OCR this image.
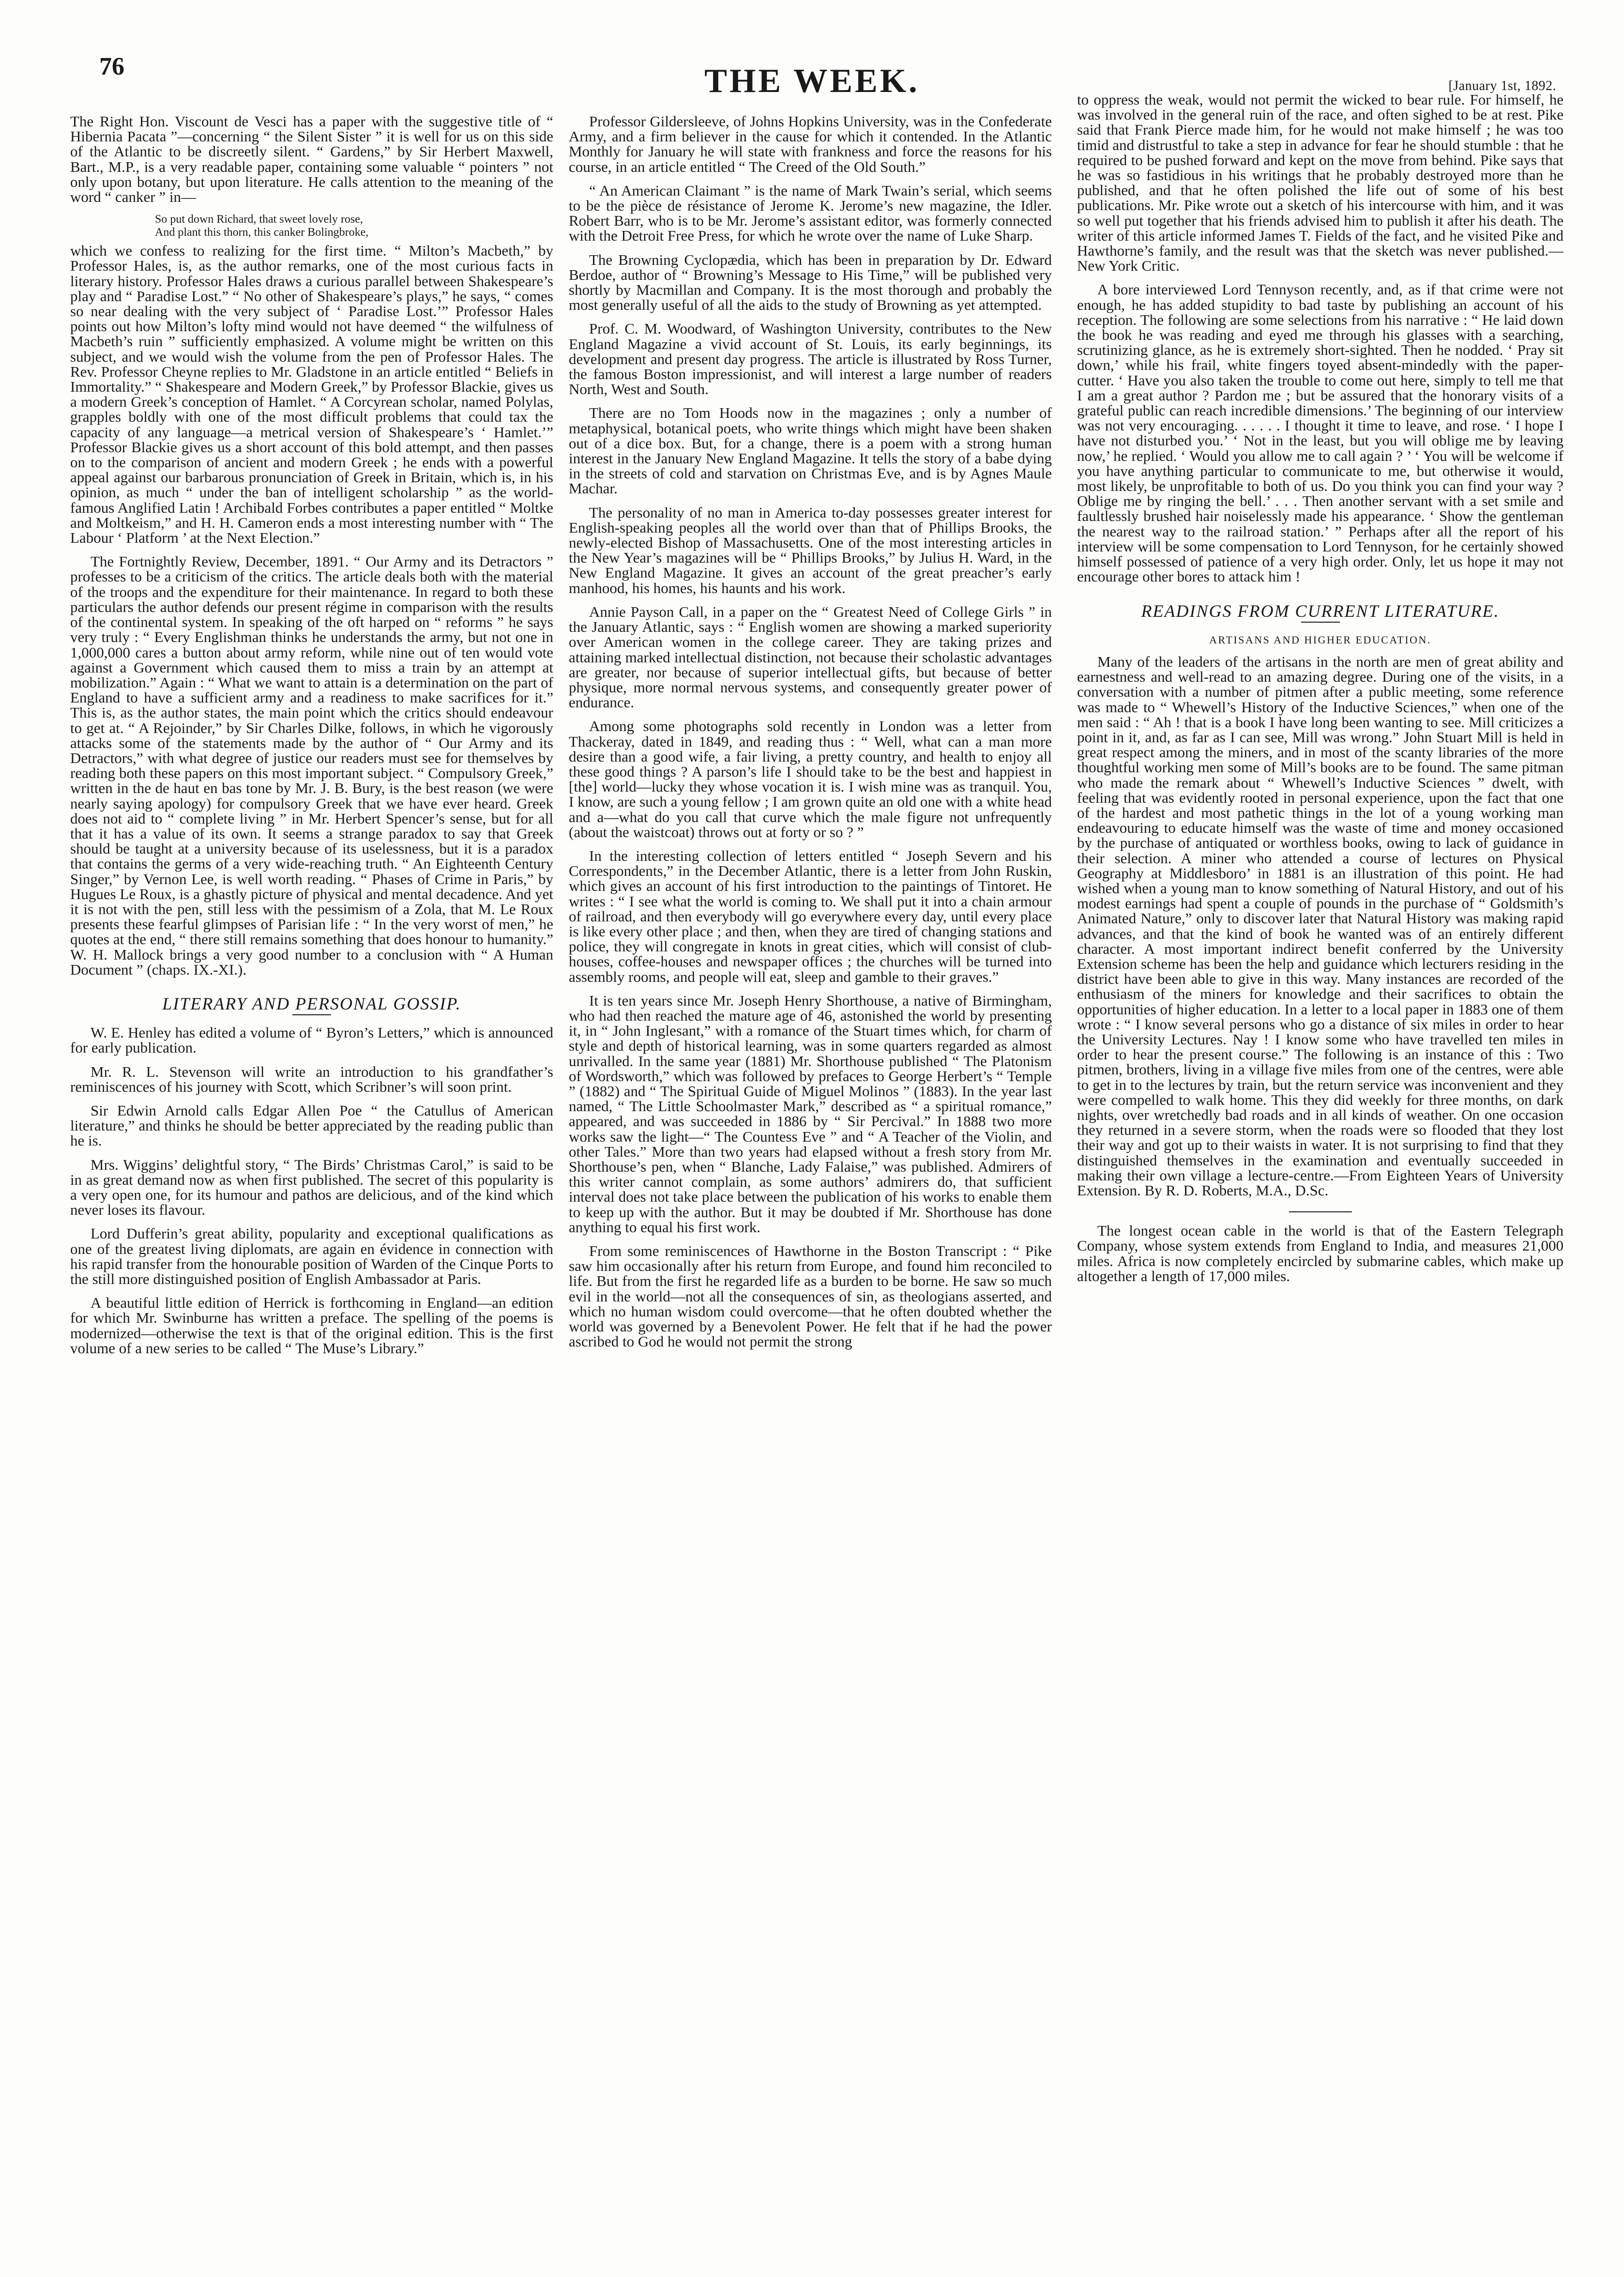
76	THE WEEK.	[January 1st, 1892.

The Right Hon. Viscount de Vesci has a paper with the suggestive title of “ Hibernia Pacata ”—concerning “ the Silent Sister ” it is well for us on this side of the Atlantic to be discreetly silent. “ Gardens,” by Sir Herbert Maxwell, Bart., M.P., is a very readable paper, containing some valuable “ pointers ” not only upon botany, but upon literature. He calls attention to the meaning of the word “ canker ” in—

So put down Richard, that sweet lovely rose,
And plant this thorn, this canker Bolingbroke,

which we confess to realizing for the first time. “ Milton’s Macbeth,” by Professor Hales, is, as the author remarks, one of the most curious facts in literary history. Professor Hales draws a curious parallel between Shakespeare’s play and “ Paradise Lost.” “ No other of Shakespeare’s plays,” he says, “ comes so near dealing with the very subject of ‘ Paradise Lost.’” Professor Hales points out how Milton’s lofty mind would not have deemed “ the wilfulness of Macbeth’s ruin ” sufficiently emphasized. A volume might be written on this subject, and we would wish the volume from the pen of Professor Hales. The Rev. Professor Cheyne replies to Mr. Gladstone in an article entitled “ Beliefs in Immortality.” “ Shakespeare and Modern Greek,” by Professor Blackie, gives us a modern Greek’s conception of Hamlet. “ A Corcyrean scholar, named Polylas, grapples boldly with one of the most difficult problems that could tax the capacity of any language—a metrical version of Shakespeare’s ‘ Hamlet.’” Professor Blackie gives us a short account of this bold attempt, and then passes on to the comparison of ancient and modern Greek ; he ends with a powerful appeal against our barbarous pronunciation of Greek in Britain, which is, in his opinion, as much “ under the ban of intelligent scholarship ” as the world-famous Anglified Latin ! Archibald Forbes contributes a paper entitled “ Moltke and Moltkeism,” and H. H. Cameron ends a most interesting number with “ The Labour ‘ Platform ’ at the Next Election.”

The Fortnightly Review, December, 1891. “ Our Army and its Detractors ” professes to be a criticism of the critics. The article deals both with the material of the troops and the expenditure for their maintenance. In regard to both these particulars the author defends our present régime in comparison with the results of the continental system. In speaking of the oft harped on “ reforms ” he says very truly : “ Every Englishman thinks he understands the army, but not one in 1,000,000 cares a button about army reform, while nine out of ten would vote against a Government which caused them to miss a train by an attempt at mobilization.” Again : “ What we want to attain is a determination on the part of England to have a sufficient army and a readiness to make sacrifices for it.” This is, as the author states, the main point which the critics should endeavour to get at. “ A Rejoinder,” by Sir Charles Dilke, follows, in which he vigorously attacks some of the statements made by the author of “ Our Army and its Detractors,” with what degree of justice our readers must see for themselves by reading both these papers on this most important subject. “ Compulsory Greek,” written in the de haut en bas tone by Mr. J. B. Bury, is the best reason (we were nearly saying apology) for compulsory Greek that we have ever heard. Greek does not aid to “ complete living ” in Mr. Herbert Spencer’s sense, but for all that it has a value of its own. It seems a strange paradox to say that Greek should be taught at a university because of its uselessness, but it is a paradox that contains the germs of a very wide-reaching truth. “ An Eighteenth Century Singer,” by Vernon Lee, is well worth reading. “ Phases of Crime in Paris,” by Hugues Le Roux, is a ghastly picture of physical and mental decadence. And yet it is not with the pen, still less with the pessimism of a Zola, that M. Le Roux presents these fearful glimpses of Parisian life : “ In the very worst of men,” he quotes at the end, “ there still remains something that does honour to humanity.” W. H. Mallock brings a very good number to a conclusion with “ A Human Document ” (chaps. IX.-XI.).

LITERARY AND PERSONAL GOSSIP.

W. E. Henley has edited a volume of “ Byron’s Letters,” which is announced for early publication.

Mr. R. L. Stevenson will write an introduction to his grandfather’s reminiscences of his journey with Scott, which Scribner’s will soon print.

Sir Edwin Arnold calls Edgar Allen Poe “ the Catullus of American literature,” and thinks he should be better appreciated by the reading public than he is.

Mrs. Wiggins’ delightful story, “ The Birds’ Christmas Carol,” is said to be in as great demand now as when first published. The secret of this popularity is a very open one, for its humour and pathos are delicious, and of the kind which never loses its flavour.

Lord Dufferin’s great ability, popularity and exceptional qualifications as one of the greatest living diplomats, are again en évidence in connection with his rapid transfer from the honourable position of Warden of the Cinque Ports to the still more distinguished position of English Ambassador at Paris.

A beautiful little edition of Herrick is forthcoming in England—an edition for which Mr. Swinburne has written a preface. The spelling of the poems is modernized—otherwise the text is that of the original edition. This is the first volume of a new series to be called “ The Muse’s Library.”

Professor Gildersleeve, of Johns Hopkins University, was in the Confederate Army, and a firm believer in the cause for which it contended. In the Atlantic Monthly for January he will state with frankness and force the reasons for his course, in an article entitled “ The Creed of the Old South.”

“ An American Claimant ” is the name of Mark Twain’s serial, which seems to be the pièce de résistance of Jerome K. Jerome’s new magazine, the Idler. Robert Barr, who is to be Mr. Jerome’s assistant editor, was formerly connected with the Detroit Free Press, for which he wrote over the name of Luke Sharp.

The Browning Cyclopædia, which has been in preparation by Dr. Edward Berdoe, author of “ Browning’s Message to His Time,” will be published very shortly by Macmillan and Company. It is the most thorough and probably the most generally useful of all the aids to the study of Browning as yet attempted.

Prof. C. M. Woodward, of Washington University, contributes to the New England Magazine a vivid account of St. Louis, its early beginnings, its development and present day progress. The article is illustrated by Ross Turner, the famous Boston impressionist, and will interest a large number of readers North, West and South.

There are no Tom Hoods now in the magazines ; only a number of metaphysical, botanical poets, who write things which might have been shaken out of a dice box. But, for a change, there is a poem with a strong human interest in the January New England Magazine. It tells the story of a babe dying in the streets of cold and starvation on Christmas Eve, and is by Agnes Maule Machar.

The personality of no man in America to-day possesses greater interest for English-speaking peoples all the world over than that of Phillips Brooks, the newly-elected Bishop of Massachusetts. One of the most interesting articles in the New Year’s magazines will be “ Phillips Brooks,” by Julius H. Ward, in the New England Magazine. It gives an account of the great preacher’s early manhood, his homes, his haunts and his work.

Annie Payson Call, in a paper on the “ Greatest Need of College Girls ” in the January Atlantic, says : “ English women are showing a marked superiority over American women in the college career. They are taking prizes and attaining marked intellectual distinction, not because their scholastic advantages are greater, nor because of superior intellectual gifts, but because of better physique, more normal nervous systems, and consequently greater power of endurance.

Among some photographs sold recently in London was a letter from Thackeray, dated in 1849, and reading thus : “ Well, what can a man more desire than a good wife, a fair living, a pretty country, and health to enjoy all these good things ? A parson’s life I should take to be the best and happiest in [the] world—lucky they whose vocation it is. I wish mine was as tranquil. You, I know, are such a young fellow ; I am grown quite an old one with a white head and a—what do you call that curve which the male figure not unfrequently (about the waistcoat) throws out at forty or so ? ”

In the interesting collection of letters entitled “ Joseph Severn and his Correspondents,” in the December Atlantic, there is a letter from John Ruskin, which gives an account of his first introduction to the paintings of Tintoret. He writes : “ I see what the world is coming to. We shall put it into a chain armour of railroad, and then everybody will go everywhere every day, until every place is like every other place ; and then, when they are tired of changing stations and police, they will congregate in knots in great cities, which will consist of club-houses, coffee-houses and newspaper offices ; the churches will be turned into assembly rooms, and people will eat, sleep and gamble to their graves.”

It is ten years since Mr. Joseph Henry Shorthouse, a native of Birmingham, who had then reached the mature age of 46, astonished the world by presenting it, in “ John Inglesant,” with a romance of the Stuart times which, for charm of style and depth of historical learning, was in some quarters regarded as almost unrivalled. In the same year (1881) Mr. Shorthouse published “ The Platonism of Wordsworth,” which was followed by prefaces to George Herbert’s “ Temple ” (1882) and “ The Spiritual Guide of Miguel Molinos ” (1883). In the year last named, “ The Little Schoolmaster Mark,” described as “ a spiritual romance,” appeared, and was succeeded in 1886 by “ Sir Percival.” In 1888 two more works saw the light—“ The Countess Eve ” and “ A Teacher of the Violin, and other Tales.” More than two years had elapsed without a fresh story from Mr. Shorthouse’s pen, when “ Blanche, Lady Falaise,” was published. Admirers of this writer cannot complain, as some authors’ admirers do, that sufficient interval does not take place between the publication of his works to enable them to keep up with the author. But it may be doubted if Mr. Shorthouse has done anything to equal his first work.

From some reminiscences of Hawthorne in the Boston Transcript : “ Pike saw him occasionally after his return from Europe, and found him reconciled to life. But from the first he regarded life as a burden to be borne. He saw so much evil in the world—not all the consequences of sin, as theologians asserted, and which no human wisdom could overcome—that he often doubted whether the world was governed by a Benevolent Power. He felt that if he had the power ascribed to God he would not permit the strong

to oppress the weak, would not permit the wicked to bear rule. For himself, he was involved in the general ruin of the race, and often sighed to be at rest. Pike said that Frank Pierce made him, for he would not make himself ; he was too timid and distrustful to take a step in advance for fear he should stumble : that he required to be pushed forward and kept on the move from behind. Pike says that he was so fastidious in his writings that he probably destroyed more than he published, and that he often polished the life out of some of his best publications. Mr. Pike wrote out a sketch of his intercourse with him, and it was so well put together that his friends advised him to publish it after his death. The writer of this article informed James T. Fields of the fact, and he visited Pike and Hawthorne’s family, and the result was that the sketch was never published.—New York Critic.

A bore interviewed Lord Tennyson recently, and, as if that crime were not enough, he has added stupidity to bad taste by publishing an account of his reception. The following are some selections from his narrative : “ He laid down the book he was reading and eyed me through his glasses with a searching, scrutinizing glance, as he is extremely short-sighted. Then he nodded. ‘ Pray sit down,’ while his frail, white fingers toyed absent-mindedly with the paper-cutter. ‘ Have you also taken the trouble to come out here, simply to tell me that I am a great author ? Pardon me ; but be assured that the honorary visits of a grateful public can reach incredible dimensions.’ The beginning of our interview was not very encouraging. . . . . . I thought it time to leave, and rose. ‘ I hope I have not disturbed you.’ ‘ Not in the least, but you will oblige me by leaving now,’ he replied. ‘ Would you allow me to call again ? ’ ‘ You will be welcome if you have anything particular to communicate to me, but otherwise it would, most likely, be unprofitable to both of us. Do you think you can find your way ? Oblige me by ringing the bell.’ . . . Then another servant with a set smile and faultlessly brushed hair noiselessly made his appearance. ‘ Show the gentleman the nearest way to the railroad station.’ ” Perhaps after all the report of his interview will be some compensation to Lord Tennyson, for he certainly showed himself possessed of patience of a very high order. Only, let us hope it may not encourage other bores to attack him !

READINGS FROM CURRENT LITERATURE.
ARTISANS AND HIGHER EDUCATION.

Many of the leaders of the artisans in the north are men of great ability and earnestness and well-read to an amazing degree. During one of the visits, in a conversation with a number of pitmen after a public meeting, some reference was made to “ Whewell’s History of the Inductive Sciences,” when one of the men said : “ Ah ! that is a book I have long been wanting to see. Mill criticizes a point in it, and, as far as I can see, Mill was wrong.” John Stuart Mill is held in great respect among the miners, and in most of the scanty libraries of the more thoughtful working men some of Mill’s books are to be found. The same pitman who made the remark about “ Whewell’s Inductive Sciences ” dwelt, with feeling that was evidently rooted in personal experience, upon the fact that one of the hardest and most pathetic things in the lot of a young working man endeavouring to educate himself was the waste of time and money occasioned by the purchase of antiquated or worthless books, owing to lack of guidance in their selection. A miner who attended a course of lectures on Physical Geography at Middlesboro’ in 1881 is an illustration of this point. He had wished when a young man to know something of Natural History, and out of his modest earnings had spent a couple of pounds in the purchase of “ Goldsmith’s Animated Nature,” only to discover later that Natural History was making rapid advances, and that the kind of book he wanted was of an entirely different character. A most important indirect benefit conferred by the University Extension scheme has been the help and guidance which lecturers residing in the district have been able to give in this way. Many instances are recorded of the enthusiasm of the miners for knowledge and their sacrifices to obtain the opportunities of higher education. In a letter to a local paper in 1883 one of them wrote : “ I know several persons who go a distance of six miles in order to hear the University Lectures. Nay ! I know some who have travelled ten miles in order to hear the present course.” The following is an instance of this : Two pitmen, brothers, living in a village five miles from one of the centres, were able to get in to the lectures by train, but the return service was inconvenient and they were compelled to walk home. This they did weekly for three months, on dark nights, over wretchedly bad roads and in all kinds of weather. On one occasion they returned in a severe storm, when the roads were so flooded that they lost their way and got up to their waists in water. It is not surprising to find that they distinguished themselves in the examination and eventually succeeded in making their own village a lecture-centre.—From Eighteen Years of University Extension. By R. D. Roberts, M.A., D.Sc.

The longest ocean cable in the world is that of the Eastern Telegraph Company, whose system extends from England to India, and measures 21,000 miles. Africa is now completely encircled by submarine cables, which make up altogether a length of 17,000 miles.
